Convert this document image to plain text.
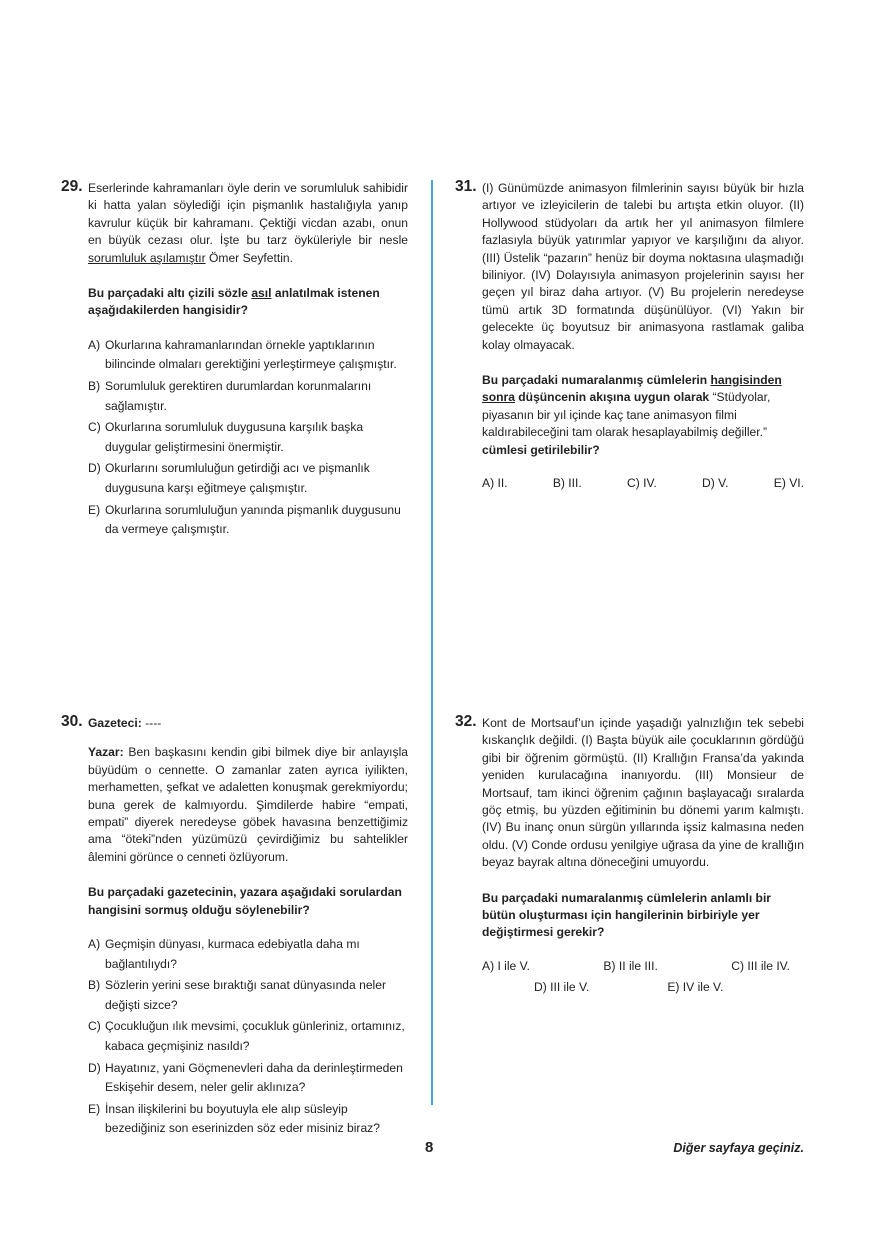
29. Eserlerinde kahramanları öyle derin ve sorumluluk sahibidir ki hatta yalan söylediği için pişmanlık hastalığıyla yanıp kavrulur küçük bir kahramanı. Çektiği vicdan azabı, onun en büyük cezası olur. İşte bu tarz öyküleriyle bir nesle sorumluluk aşılamıştır Ömer Seyfettin.

Bu parçadaki altı çizili sözle asıl anlatılmak istenen aşağıdakilerden hangisidir?

A) Okurlarına kahramanlarından örnekle yaptıklarının bilincinde olmaları gerektiğini yerleştirmeye çalışmıştır.
B) Sorumluluk gerektiren durumlardan korunmalarını sağlamıştır.
C) Okurlarına sorumluluk duygusuna karşılık başka duygular geliştirmesini önermiştir.
D) Okurlarını sorumluluğun getirdiği acı ve pişmanlık duygusuna karşı eğitmeye çalışmıştır.
E) Okurlarına sorumluluğun yanında pişmanlık duygusunu da vermeye çalışmıştır.
30. Gazeteci: ----

Yazar: Ben başkasını kendin gibi bilmek diye bir anlayışla büyüdüm o cennette. O zamanlar zaten ayrıca iyilikten, merhametten, şefkat ve adaletten konuşmak gerekmiyordu; buna gerek de kalmıyordu. Şimdilerde habire “empati, empati” diyerek neredeyse göbek havasına benzettiğimiz ama “öteki”nden yüzümüzü çevirdiğimiz bu sahtelikler âlemini görünce o cenneti özlüyorum.

Bu parçadaki gazetecinin, yazara aşağıdaki sorulardan hangisini sormuş olduğu söylenebilir?

A) Geçmişin dünyası, kurmaca edebiyatla daha mı bağlantılıydı?
B) Sözlerin yerini sese bıraktığı sanat dünyasında neler değişti sizce?
C) Çocukluğun ılık mevsimi, çocukluk günleriniz, ortamınız, kabaca geçmişiniz nasıldı?
D) Hayatınız, yani Göçmenevleri daha da derinleştirmeden Eskişehir desem, neler gelir aklınıza?
E) İnsan ilişkilerini bu boyutuyla ele alıp süsleyip bezediğiniz son eserinizden söz eder misiniz biraz?
31. (I) Günümüzde animasyon filmlerinin sayısı büyük bir hızla artıyor ve izleyicilerin de talebi bu artışta etkin oluyor. (II) Hollywood stüdyoları da artık her yıl animasyon filmlere fazlasıyla büyük yatırımlar yapıyor ve karşılığını da alıyor. (III) Üstelik “pazarın” henüz bir doyma noktasına ulaşmadığı biliniyor. (IV) Dolayısıyla animasyon projelerinin sayısı her geçen yıl biraz daha artıyor. (V) Bu projelerin neredeyse tümü artık 3D formatında düşünülüyor. (VI) Yakın bir gelecekte üç boyutsuz bir animasyona rastlamak galiba kolay olmayacak.

Bu parçadaki numaralanmış cümlelerin hangisinden sonra düşüncenin akışına uygun olarak “Stüdyolar, piyasanın bir yıl içinde kaç tane animasyon filmi kaldırabileceğini tam olarak hesaplayabilmiş değiller.” cümlesi getirilebilir?

A) II.	B) III.	C) IV.	D) V.	E) VI.
32. Kont de Mortsauf’un içinde yaşadığı yalnızlığın tek sebebi kıskançlık değildi. (I) Başta büyük aile çocuklarının gördüğü gibi bir öğrenim görmüştü. (II) Krallığın Fransa’da yakında yeniden kurulacağına inanıyordu. (III) Monsieur de Mortsauf, tam ikinci öğrenim çağının başlayacağı sıralarda göç etmiş, bu yüzden eğitiminin bu dönemi yarım kalmıştı. (IV) Bu inanç onun sürgün yıllarında işsiz kalmasına neden oldu. (V) Conde ordusu yenilgiye uğrasa da yine de krallığın beyaz bayrak altına döneceğini umuyordu.

Bu parçadaki numaralanmış cümlelerin anlamlı bir bütün oluşturması için hangilerinin birbiriyle yer değiştirmesi gerekir?

A) I ile V.	B) II ile III.	C) III ile IV.
D) III ile V.	E) IV ile V.
8	Diğer sayfaya geçiniz.
